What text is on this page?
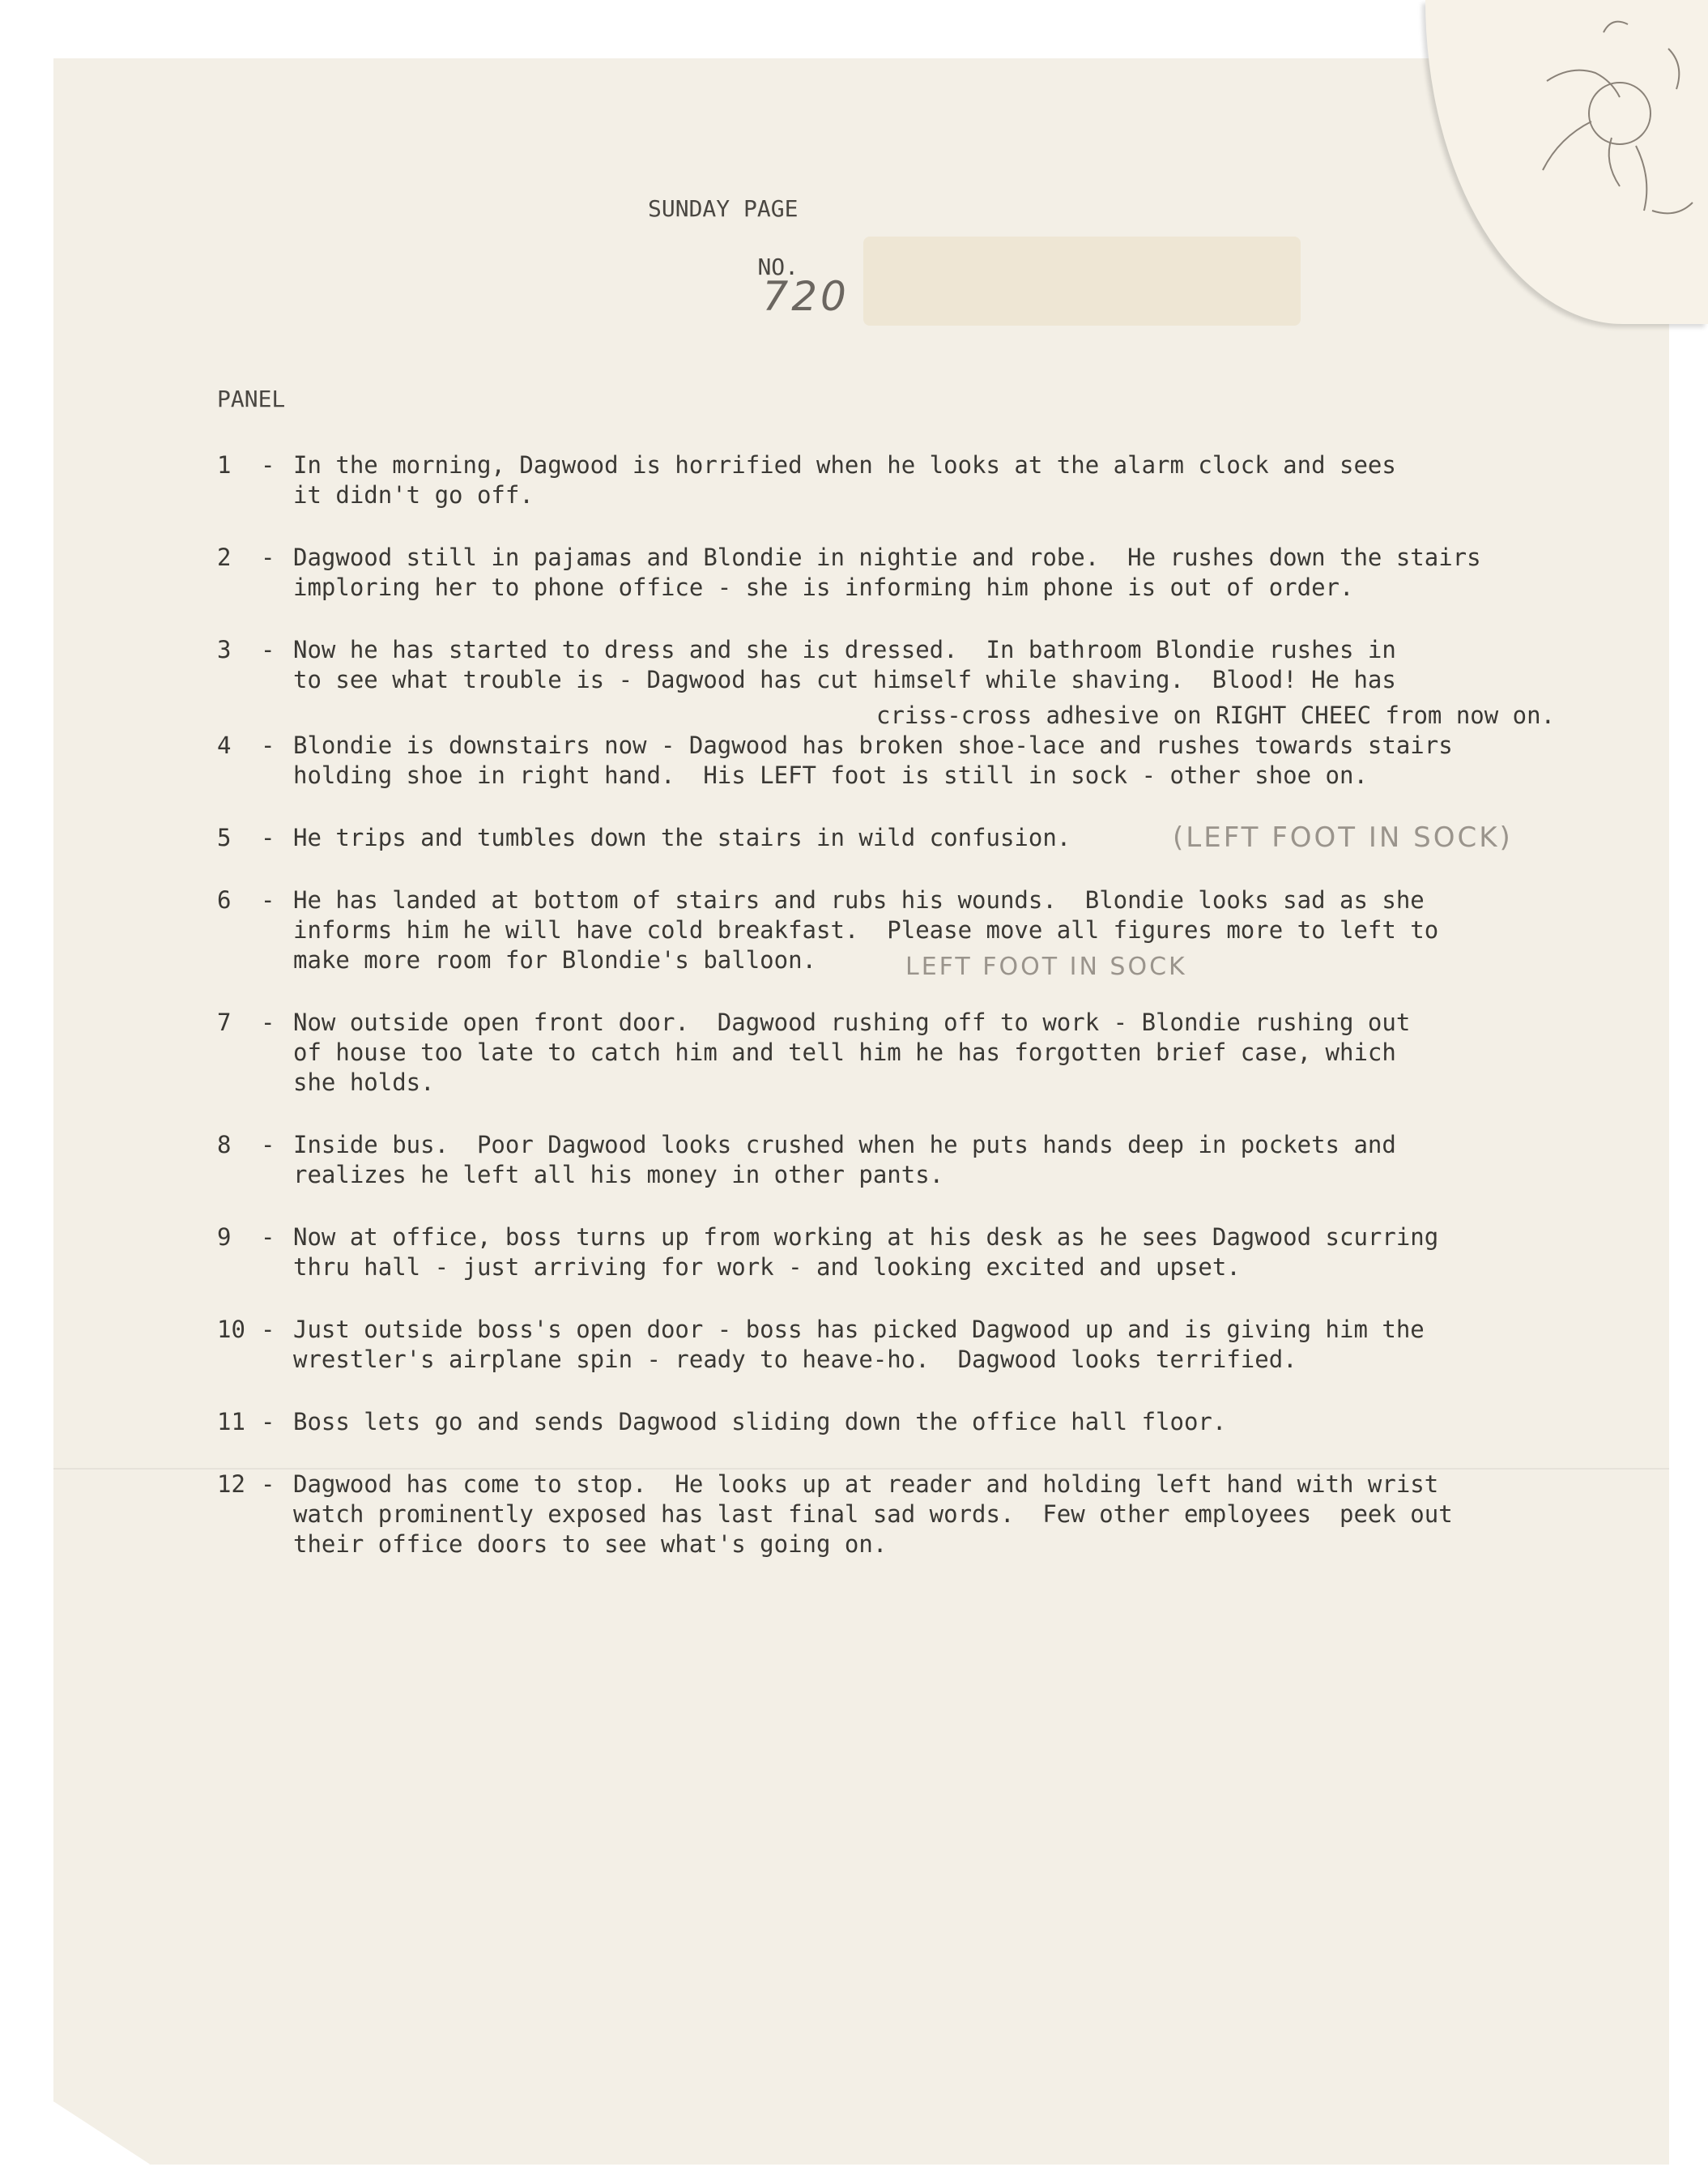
SUNDAY PAGE

NO.
720

PANEL
1	- In the morning, Dagwood is horrified when he looks at the alarm clock and sees
it didn't go off.
2	- Dagwood still in pajamas and Blondie in nightie and robe.  He rushes down the stairs
imploring her to phone office - she is informing him phone is out of order.
3	- Now he has started to dress and she is dressed.  In bathroom Blondie rushes in
to see what trouble is - Dagwood has cut himself while shaving.  Blood! He has
4	- Blondie is downstairs now - Dagwood has broken shoe-lace and rushes towards stairs
holding shoe in right hand.  His LEFT foot is still in sock - other shoe on.
5	- He trips and tumbles down the stairs in wild confusion.
6	- He has landed at bottom of stairs and rubs his wounds.  Blondie looks sad as she
informs him he will have cold breakfast.  Please move all figures more to left to
make more room for Blondie's balloon.
7	- Now outside open front door.  Dagwood rushing off to work - Blondie rushing out
of house too late to catch him and tell him he has forgotten brief case, which
she holds.
8	- Inside bus.  Poor Dagwood looks crushed when he puts hands deep in pockets and
realizes he left all his money in other pants.
9	- Now at office, boss turns up from working at his desk as he sees Dagwood scurring
thru hall - just arriving for work - and looking excited and upset.
10 - Just outside boss's open door - boss has picked Dagwood up and is giving him the
wrestler's airplane spin - ready to heave-ho.  Dagwood looks terrified.
11 - Boss lets go and sends Dagwood sliding down the office hall floor.
12 - Dagwood has come to stop.  He looks up at reader and holding left hand with wrist
watch prominently exposed has last final sad words.  Few other employees  peek out
their office doors to see what's going on.
criss-cross adhesive on RIGHT CHEEC from now on.
(LEFT FOOT IN SOCK)
LEFT FOOT IN SOCK
